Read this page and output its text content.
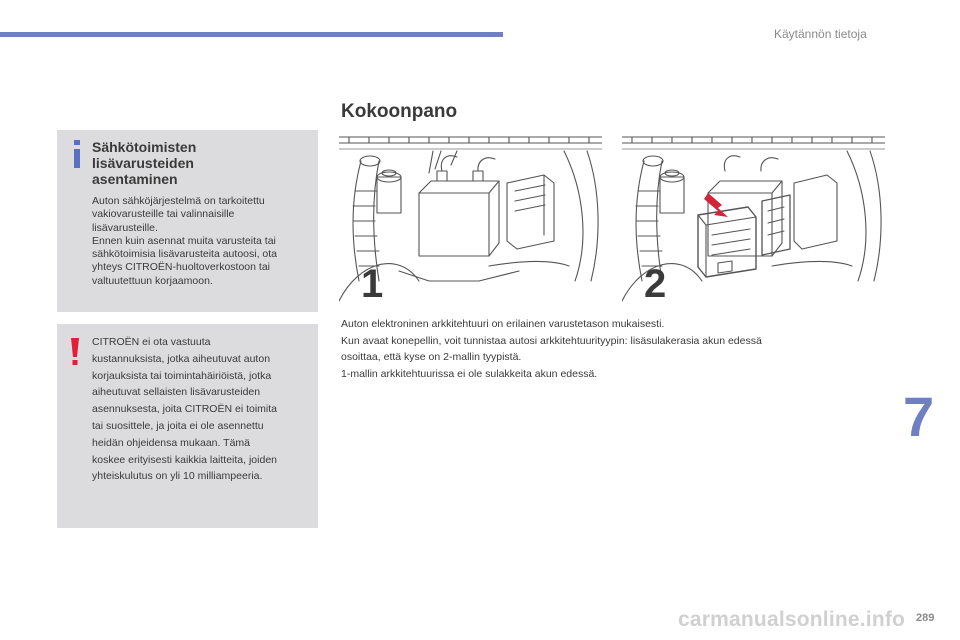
Käytännön tietoja
Kokoonpano
Sähkötoimisten
lisävarusteiden
asentaminen
Auton sähköjärjestelmä on tarkoitettu
vakiovarusteille tai valinnaisille
lisävarusteille.
Ennen kuin asennat muita varusteita tai
sähkötoimisia lisävarusteita autoosi, ota
yhteys CITROËN-huoltoverkostoon tai
valtuutettuun korjaamoon.
CITROËN ei ota vastuuta
kustannuksista, jotka aiheutuvat auton
korjauksista tai toimintahäiriöistä, jotka
aiheutuvat sellaisten lisävarusteiden
asennuksesta, joita CITROËN ei toimita
tai suosittele, ja joita ei ole asennettu
heidän ohjeidensa mukaan. Tämä
koskee erityisesti kaikkia laitteita, joiden
yhteiskulutus on yli 10 milliampeeria.
1	2
Auton elektroninen arkkitehtuuri on erilainen varustetason mukaisesti.
Kun avaat konepellin, voit tunnistaa autosi arkkitehtuurityypin: lisäsulakerasia akun edessä
osoittaa, että kyse on 2-mallin tyypistä.
1-mallin arkkitehtuurissa ei ole sulakkeita akun edessä.
7
289
carmanualsonline.info
